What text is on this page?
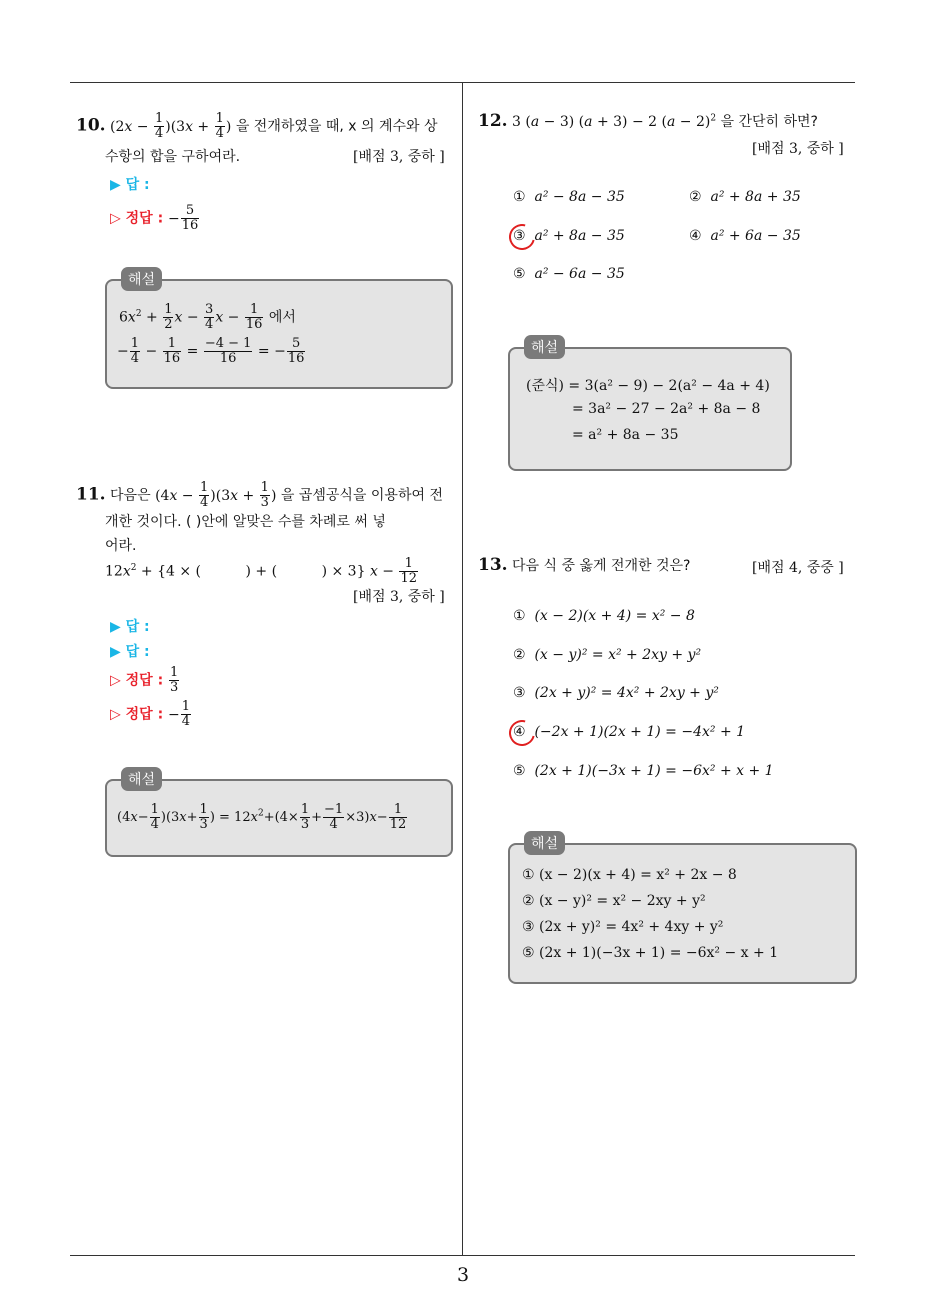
3
10. $(2x - \frac{1}{4} )(3x + \frac{1}{4}$ ) 을 전개하였을 때, x 의 계수와 상
수항의 합을 구하여라.	[배점 3, 중하 ]
▶ 답 :
▷ 정답 : − $\frac{5}{16}$
해설
$6x^2 + \frac{1}{2}$ $x - \frac{3}{4}$ $x - \frac{1}{16}$ 에서
− $\frac{1}{4} - \frac{1}{16} = \frac{-4 - 1}{16}$ = − $\frac{5}{16}$
11. 다음은 $(4x - \frac{1}{4} )(3x + \frac{1}{3}$ ) 을 곱셈공식을 이용하여 전
개한 것이다. ( )안에 알맞은 수를 차례로 써 넣
어라.
$12x^2 + \{4$ × (          ) + (          ) × 3} $x - \frac{1}{12}$
[배점 3, 중하 ]
▶ 답 :
▶ 답 :
▷ 정답 : $\frac{1}{3}$
▷ 정답 : − $\frac{1}{4}$
해설
$(4x- \frac{1}{4} )(3x+ \frac{1}{3}$ ) = $12x^2+(4\times \frac{1}{3} + \frac{-1}{4} \times 3)x- \frac{1}{12}$
12. 3 (a − 3) (a + 3) − 2 $(a - 2)^2$ 을 간단히 하면?
[배점 3, 중하 ]
① a² − 8a − 35	② a² + 8a + 35
③ a² + 8a − 35	④ a² + 6a − 35
⑤ a² − 6a − 35
해설
(준식) = 3(a² − 9) − 2(a² − 4a + 4)
= 3a² − 27 − 2a² + 8a − 8
= a² + 8a − 35
13. 다음 식 중 옳게 전개한 것은?	[배점 4, 중중 ]
① (x − 2)(x + 4) = x² − 8
② (x − y)² = x² + 2xy + y²
③ (2x + y)² = 4x² + 2xy + y²
④ (−2x + 1)(2x + 1) = −4x² + 1
⑤ (2x + 1)(−3x + 1) = −6x² + x + 1
해설
① (x − 2)(x + 4) = x² + 2x − 8
② (x − y)² = x² − 2xy + y²
③ (2x + y)² = 4x² + 4xy + y²
⑤ (2x + 1)(−3x + 1) = −6x² − x + 1
